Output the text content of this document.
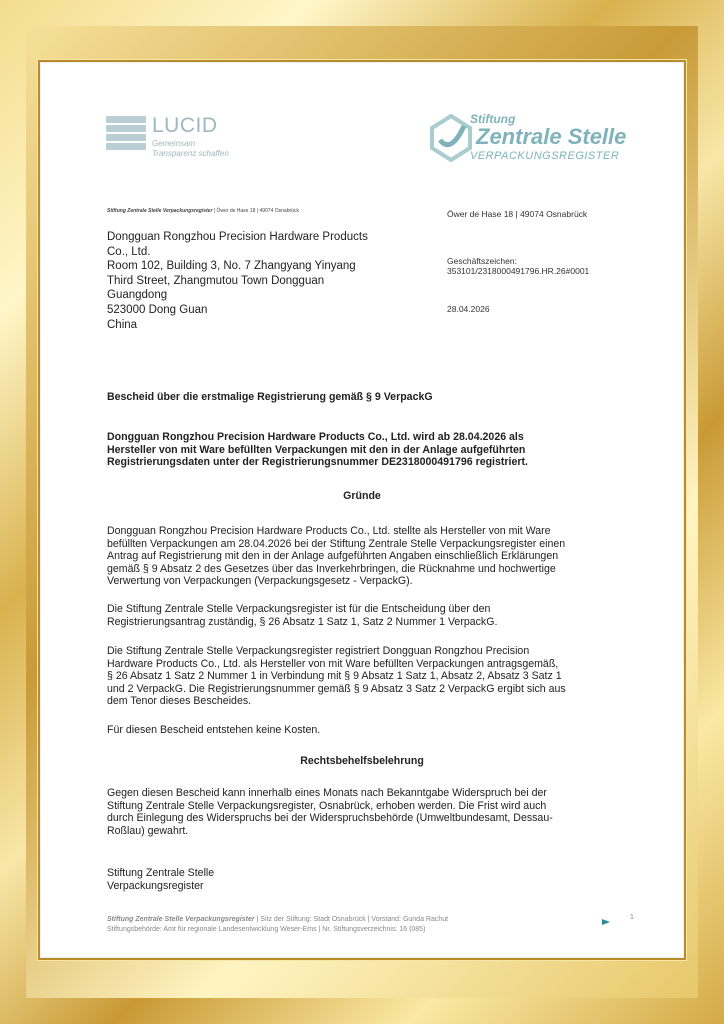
LUCID
Gemeinsam
Transparenz schaffen
Stiftung
Zentrale Stelle
VERPACKUNGSREGISTER
Stiftung Zentrale Stelle Verpackungsregister | Öwer de Hase 18 | 49074 Osnabrück
Dongguan Rongzhou Precision Hardware Products
Co., Ltd.
Room 102, Building 3, No. 7 Zhangyang Yinyang
Third Street, Zhangmutou Town Dongguan
Guangdong
523000 Dong Guan
China
Öwer de Hase 18 | 49074 Osnabrück
Geschäftszeichen:
353101/2318000491796.HR.26#0001
28.04.2026
Bescheid über die erstmalige Registrierung gemäß § 9 VerpackG
Dongguan Rongzhou Precision Hardware Products Co., Ltd. wird ab 28.04.2026 als
Hersteller von mit Ware befüllten Verpackungen mit den in der Anlage aufgeführten
Registrierungsdaten unter der Registrierungsnummer DE2318000491796 registriert.
Gründe
Dongguan Rongzhou Precision Hardware Products Co., Ltd. stellte als Hersteller von mit Ware
befüllten Verpackungen am 28.04.2026 bei der Stiftung Zentrale Stelle Verpackungsregister einen
Antrag auf Registrierung mit den in der Anlage aufgeführten Angaben einschließlich Erklärungen
gemäß § 9 Absatz 2 des Gesetzes über das Inverkehrbringen, die Rücknahme und hochwertige
Verwertung von Verpackungen (Verpackungsgesetz - VerpackG).
Die Stiftung Zentrale Stelle Verpackungsregister ist für die Entscheidung über den
Registrierungsantrag zuständig, § 26 Absatz 1 Satz 1, Satz 2 Nummer 1 VerpackG.
Die Stiftung Zentrale Stelle Verpackungsregister registriert Dongguan Rongzhou Precision
Hardware Products Co., Ltd. als Hersteller von mit Ware befüllten Verpackungen antragsgemäß,
§ 26 Absatz 1 Satz 2 Nummer 1 in Verbindung mit § 9 Absatz 1 Satz 1, Absatz 2, Absatz 3 Satz 1
und 2 VerpackG. Die Registrierungsnummer gemäß § 9 Absatz 3 Satz 2 VerpackG ergibt sich aus
dem Tenor dieses Bescheides.
Für diesen Bescheid entstehen keine Kosten.
Rechtsbehelfsbelehrung
Gegen diesen Bescheid kann innerhalb eines Monats nach Bekanntgabe Widerspruch bei der
Stiftung Zentrale Stelle Verpackungsregister, Osnabrück, erhoben werden. Die Frist wird auch
durch Einlegung des Widerspruchs bei der Widerspruchsbehörde (Umweltbundesamt, Dessau-
Roßlau) gewahrt.
Stiftung Zentrale Stelle
Verpackungsregister
Stiftung Zentrale Stelle Verpackungsregister | Sitz der Stiftung: Stadt Osnabrück | Vorstand: Gunda Rachut
Stiftungsbehörde: Amt für regionale Landesentwicklung Weser-Ems | Nr. Stiftungsverzeichnis: 16 (085)
1
